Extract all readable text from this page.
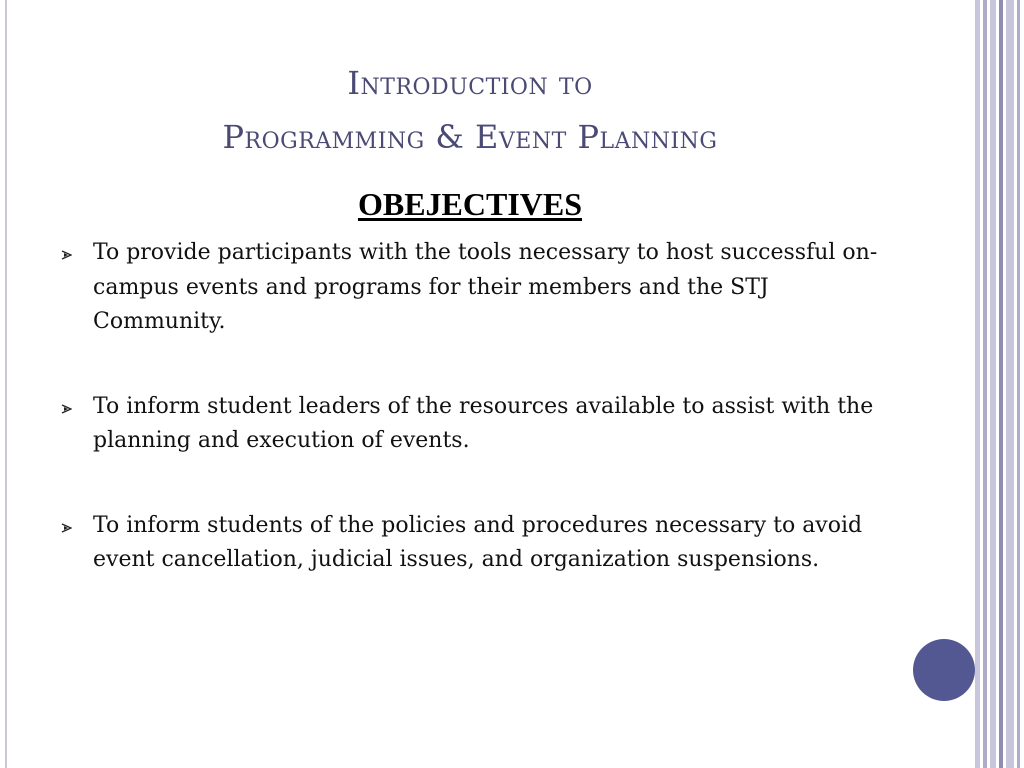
Introduction to
Programming & Event Planning
OBEJECTIVES
To provide participants with the tools necessary to host successful on-campus events and programs for their members and the STJ Community.
To inform student leaders of the resources available to assist with the planning and execution of events.
To inform students of the policies and procedures necessary to avoid event cancellation, judicial issues, and organization suspensions.
